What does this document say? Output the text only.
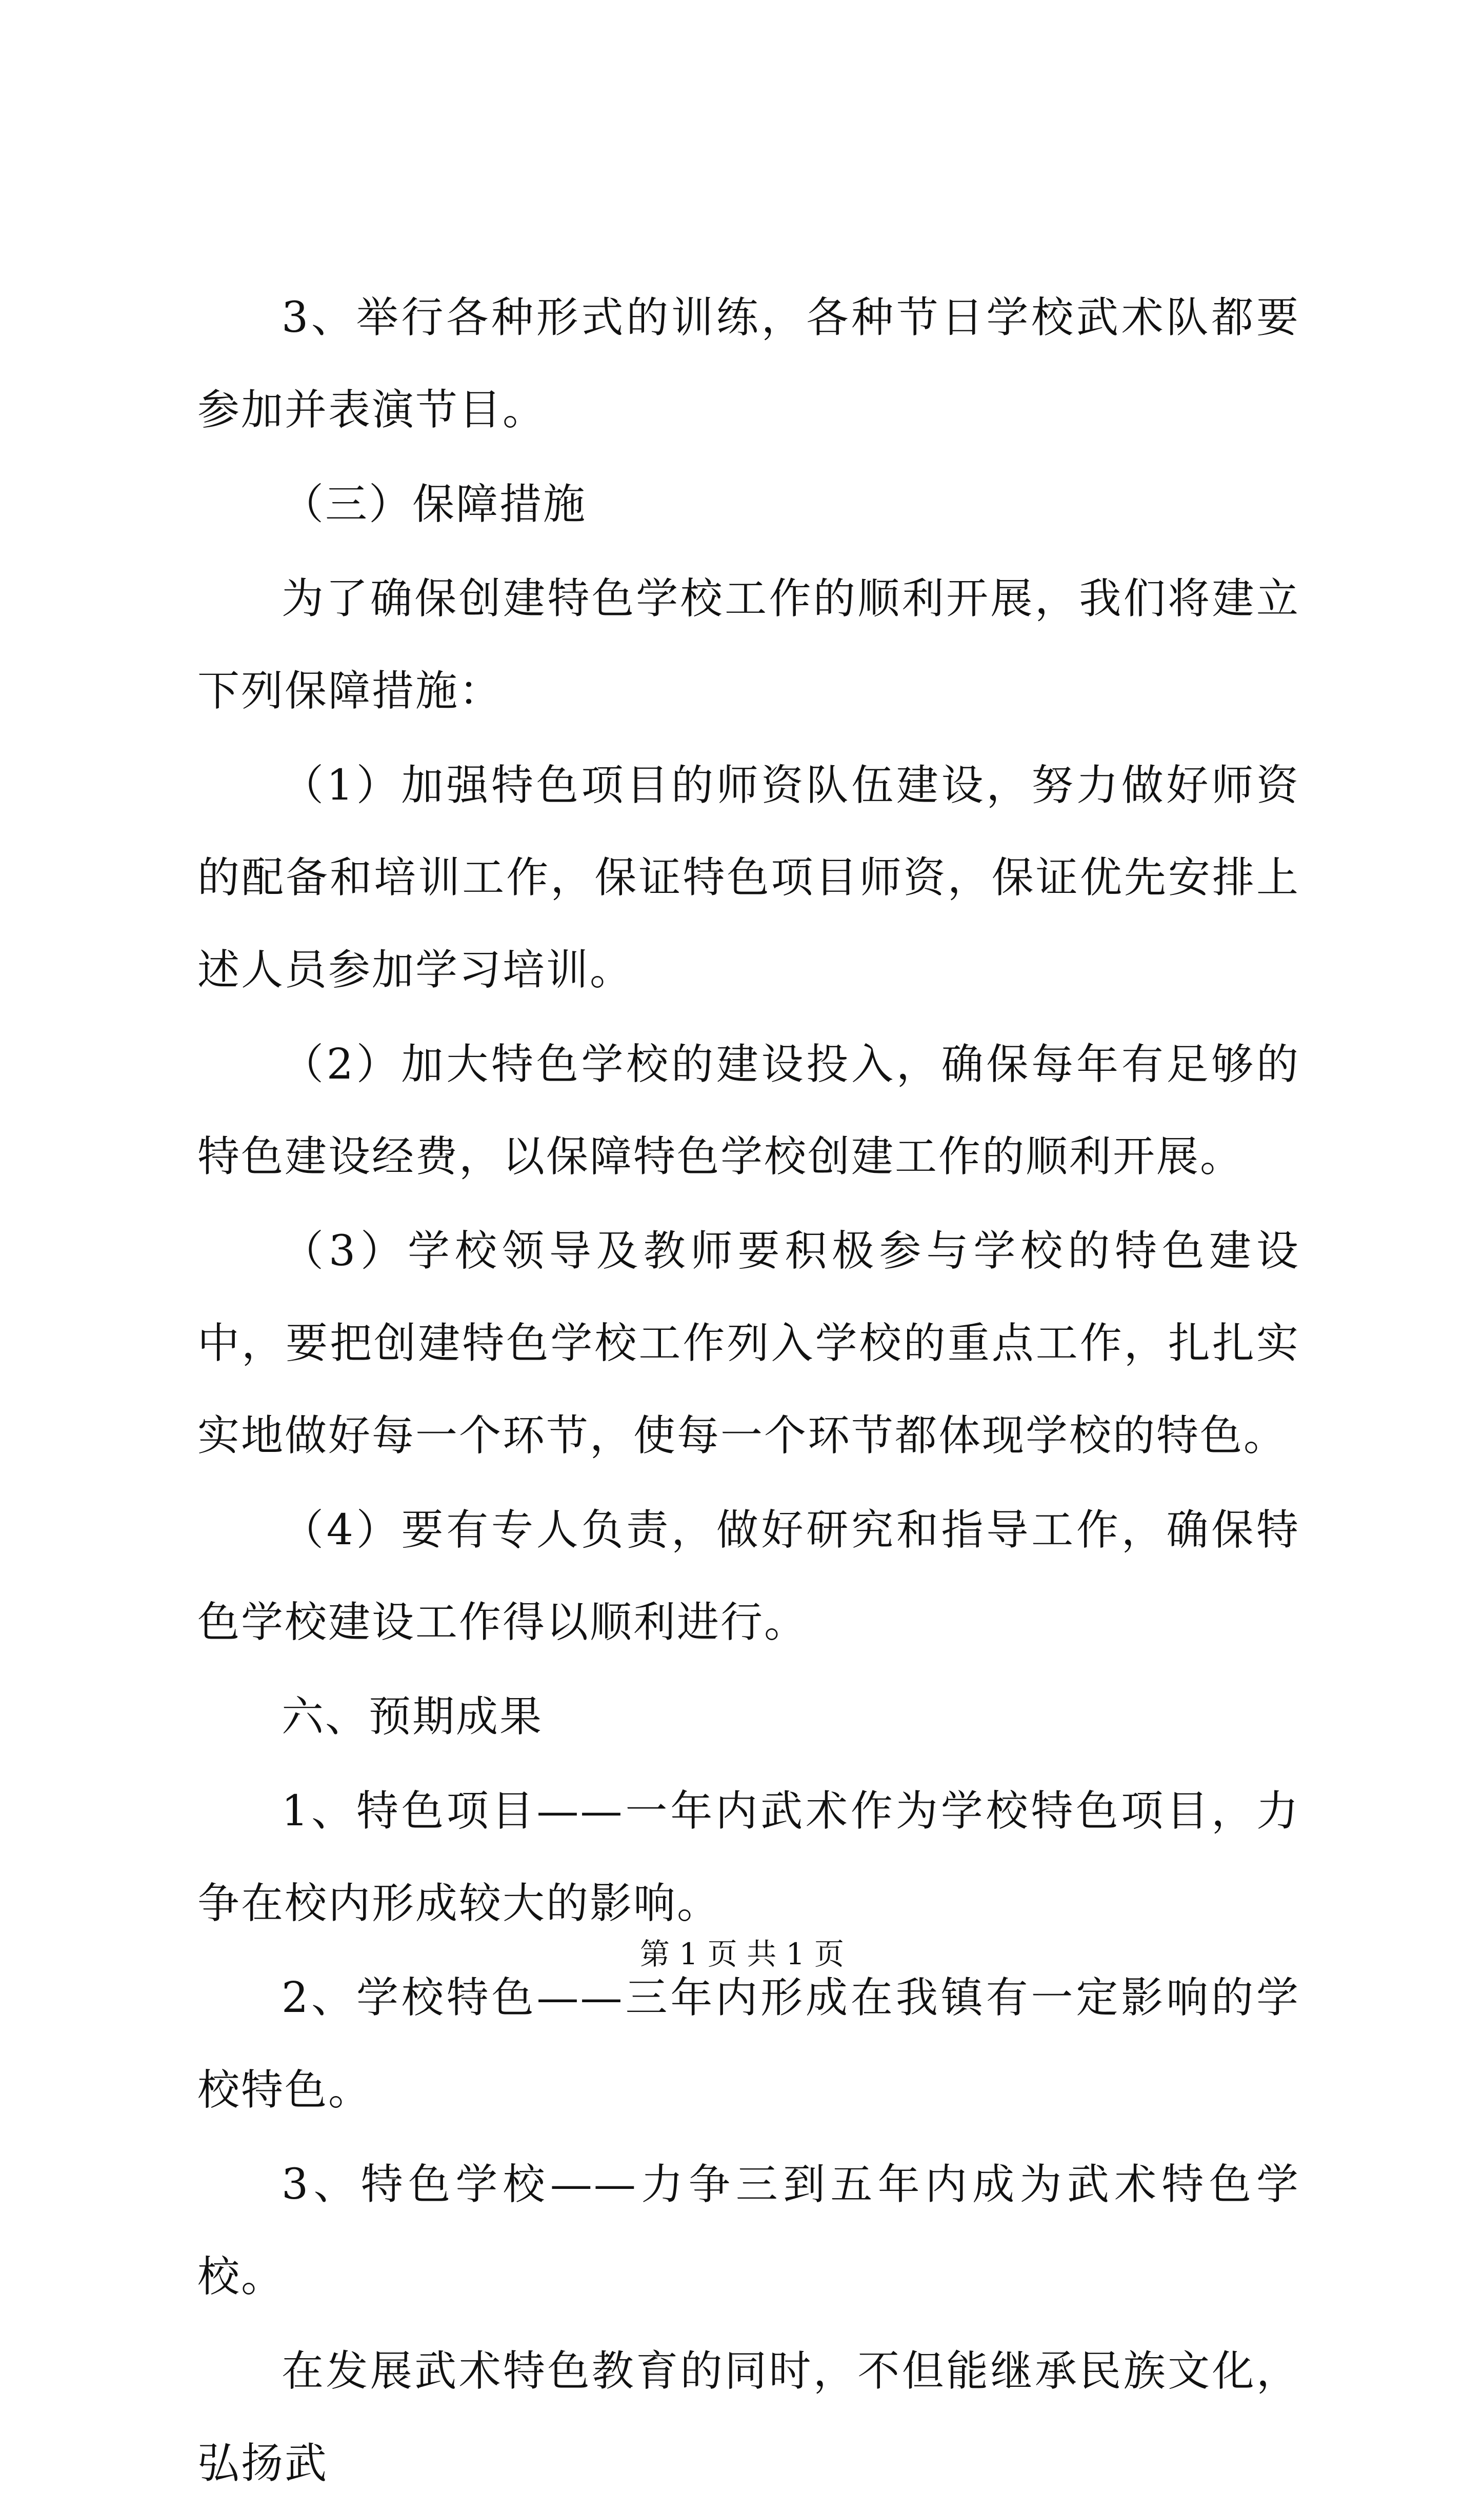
3、举行各种形式的训练，各种节日学校武术队都要参加并表演节目。

（三）保障措施

为了确保创建特色学校工作的顺利开展，我们将建立下列保障措施：

（1）加强特色项目的师资队伍建设，努力做好师资的配备和培训工作，保证特色项目师资，保证优先安排上述人员参加学习培训。

（2）加大特色学校的建设投入，确保每年有足够的特色建设经费，以保障特色学校创建工作的顺利开展。

（3）学校领导及教师要积极参与学校的特色建设中，要把创建特色学校工作列入学校的重点工作，扎扎实实地做好每一个环节，使每一个环节都体现学校的特色。

（4）要有专人负责，做好研究和指导工作，确保特色学校建设工作得以顺利进行。

六、预期成果

1、特色项目——一年内武术作为学校特色项目，力争在校内形成较大的影响。

2、学校特色——三年内形成在我镇有一定影响的学校特色。

3、特色学校——力争三到五年内成为武术特色学校。

在发展武术特色教育的同时，不但能继承民族文化，弘扬武

第 1 页 共 1 页
